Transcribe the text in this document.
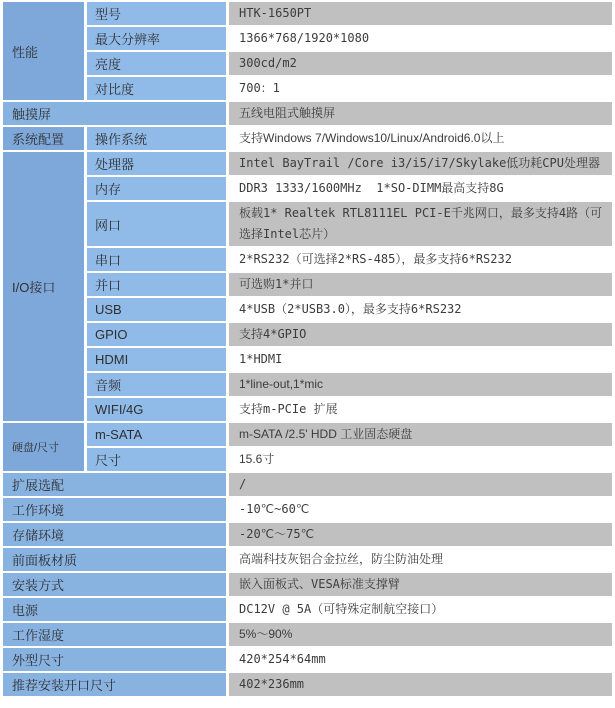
性能	型号	HTK-1650PT
	最大分辨率	1366*768/1920*1080
	亮度	300cd/m2
	对比度	700：1
触摸屏		五线电阻式触摸屏
系统配置	操作系统	支持Windows 7/Windows10/Linux/Android6.0以上
I/O接口	处理器	Intel BayTrail /Core i3/i5/i7/Skylake低功耗CPU处理器
	内存	DDR3 1333/1600MHz  1*SO-DIMM最高支持8G
	网口	板载1* Realtek RTL8111EL PCI-E千兆网口，最多支持4路（可选择Intel芯片）
	串口	2*RS232（可选择2*RS-485），最多支持6*RS232
	并口	可选购1*并口
	USB	4*USB（2*USB3.0），最多支持6*RS232
	GPIO	支持4*GPIO
	HDMI	1*HDMI
	音频	1*line-out,1*mic
	WIFI/4G	支持m-PCIe 扩展
硬盘/尺寸	m-SATA	m-SATA /2.5' HDD 工业固态硬盘
	尺寸	15.6寸
扩展选配		/
工作环境		-10℃~60℃
存储环境		-20℃～75℃
前面板材质		高端科技灰铝合金拉丝，防尘防油处理
安装方式		嵌入面板式、VESA标准支撑臂
电源		DC12V @ 5A（可特殊定制航空接口）
工作湿度		5%～90%
外型尺寸		420*254*64mm
推荐安装开口尺寸		402*236mm
